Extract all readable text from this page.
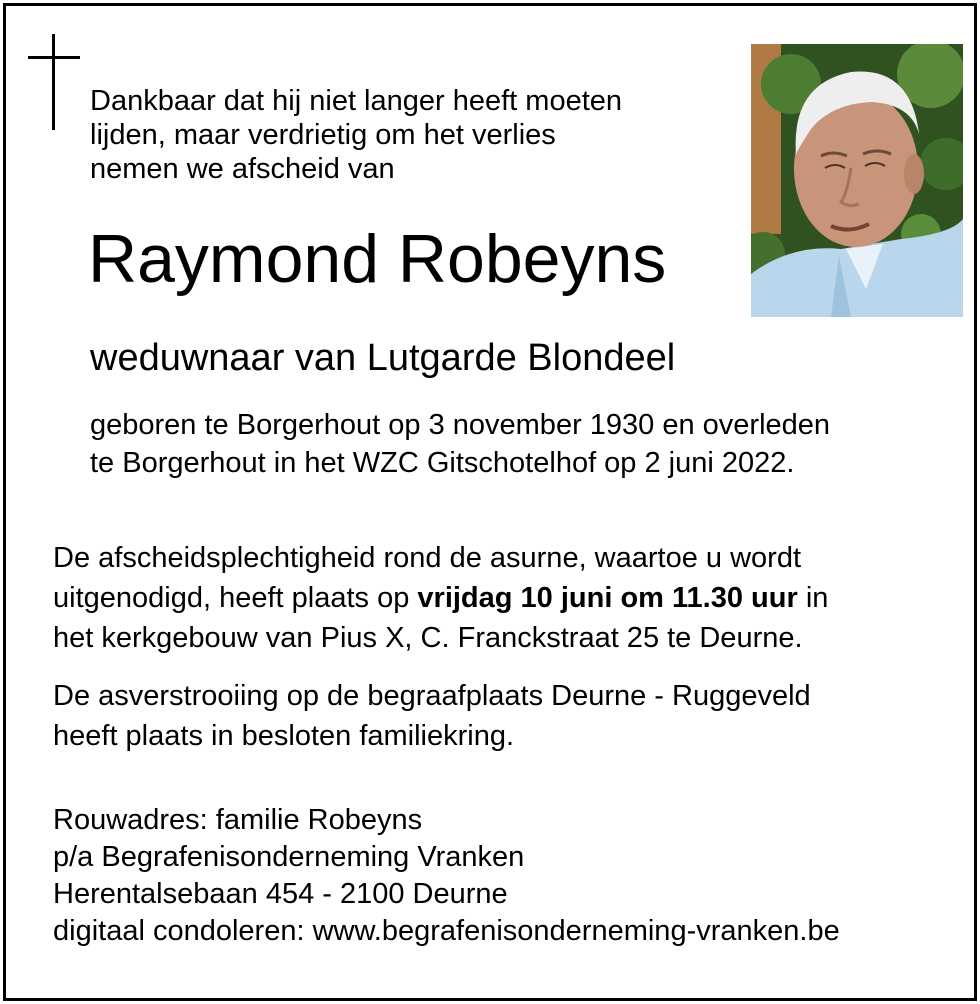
Dankbaar dat hij niet langer heeft moeten
lijden, maar verdrietig om het verlies
nemen we afscheid van
Raymond Robeyns
weduwnaar van Lutgarde Blondeel
geboren te Borgerhout op 3 november 1930 en overleden
te Borgerhout in het WZC Gitschotelhof op 2 juni 2022.
De afscheidsplechtigheid rond de asurne, waartoe u wordt
uitgenodigd, heeft plaats op vrijdag 10 juni om 11.30 uur in
het kerkgebouw van Pius X, C. Franckstraat 25 te Deurne.
De asverstrooiing op de begraafplaats Deurne - Ruggeveld
heeft plaats in besloten familiekring.
Rouwadres: familie Robeyns
p/a Begrafenisonderneming Vranken
Herentalsebaan 454 - 2100 Deurne
digitaal condoleren: www.begrafenisonderneming-vranken.be
